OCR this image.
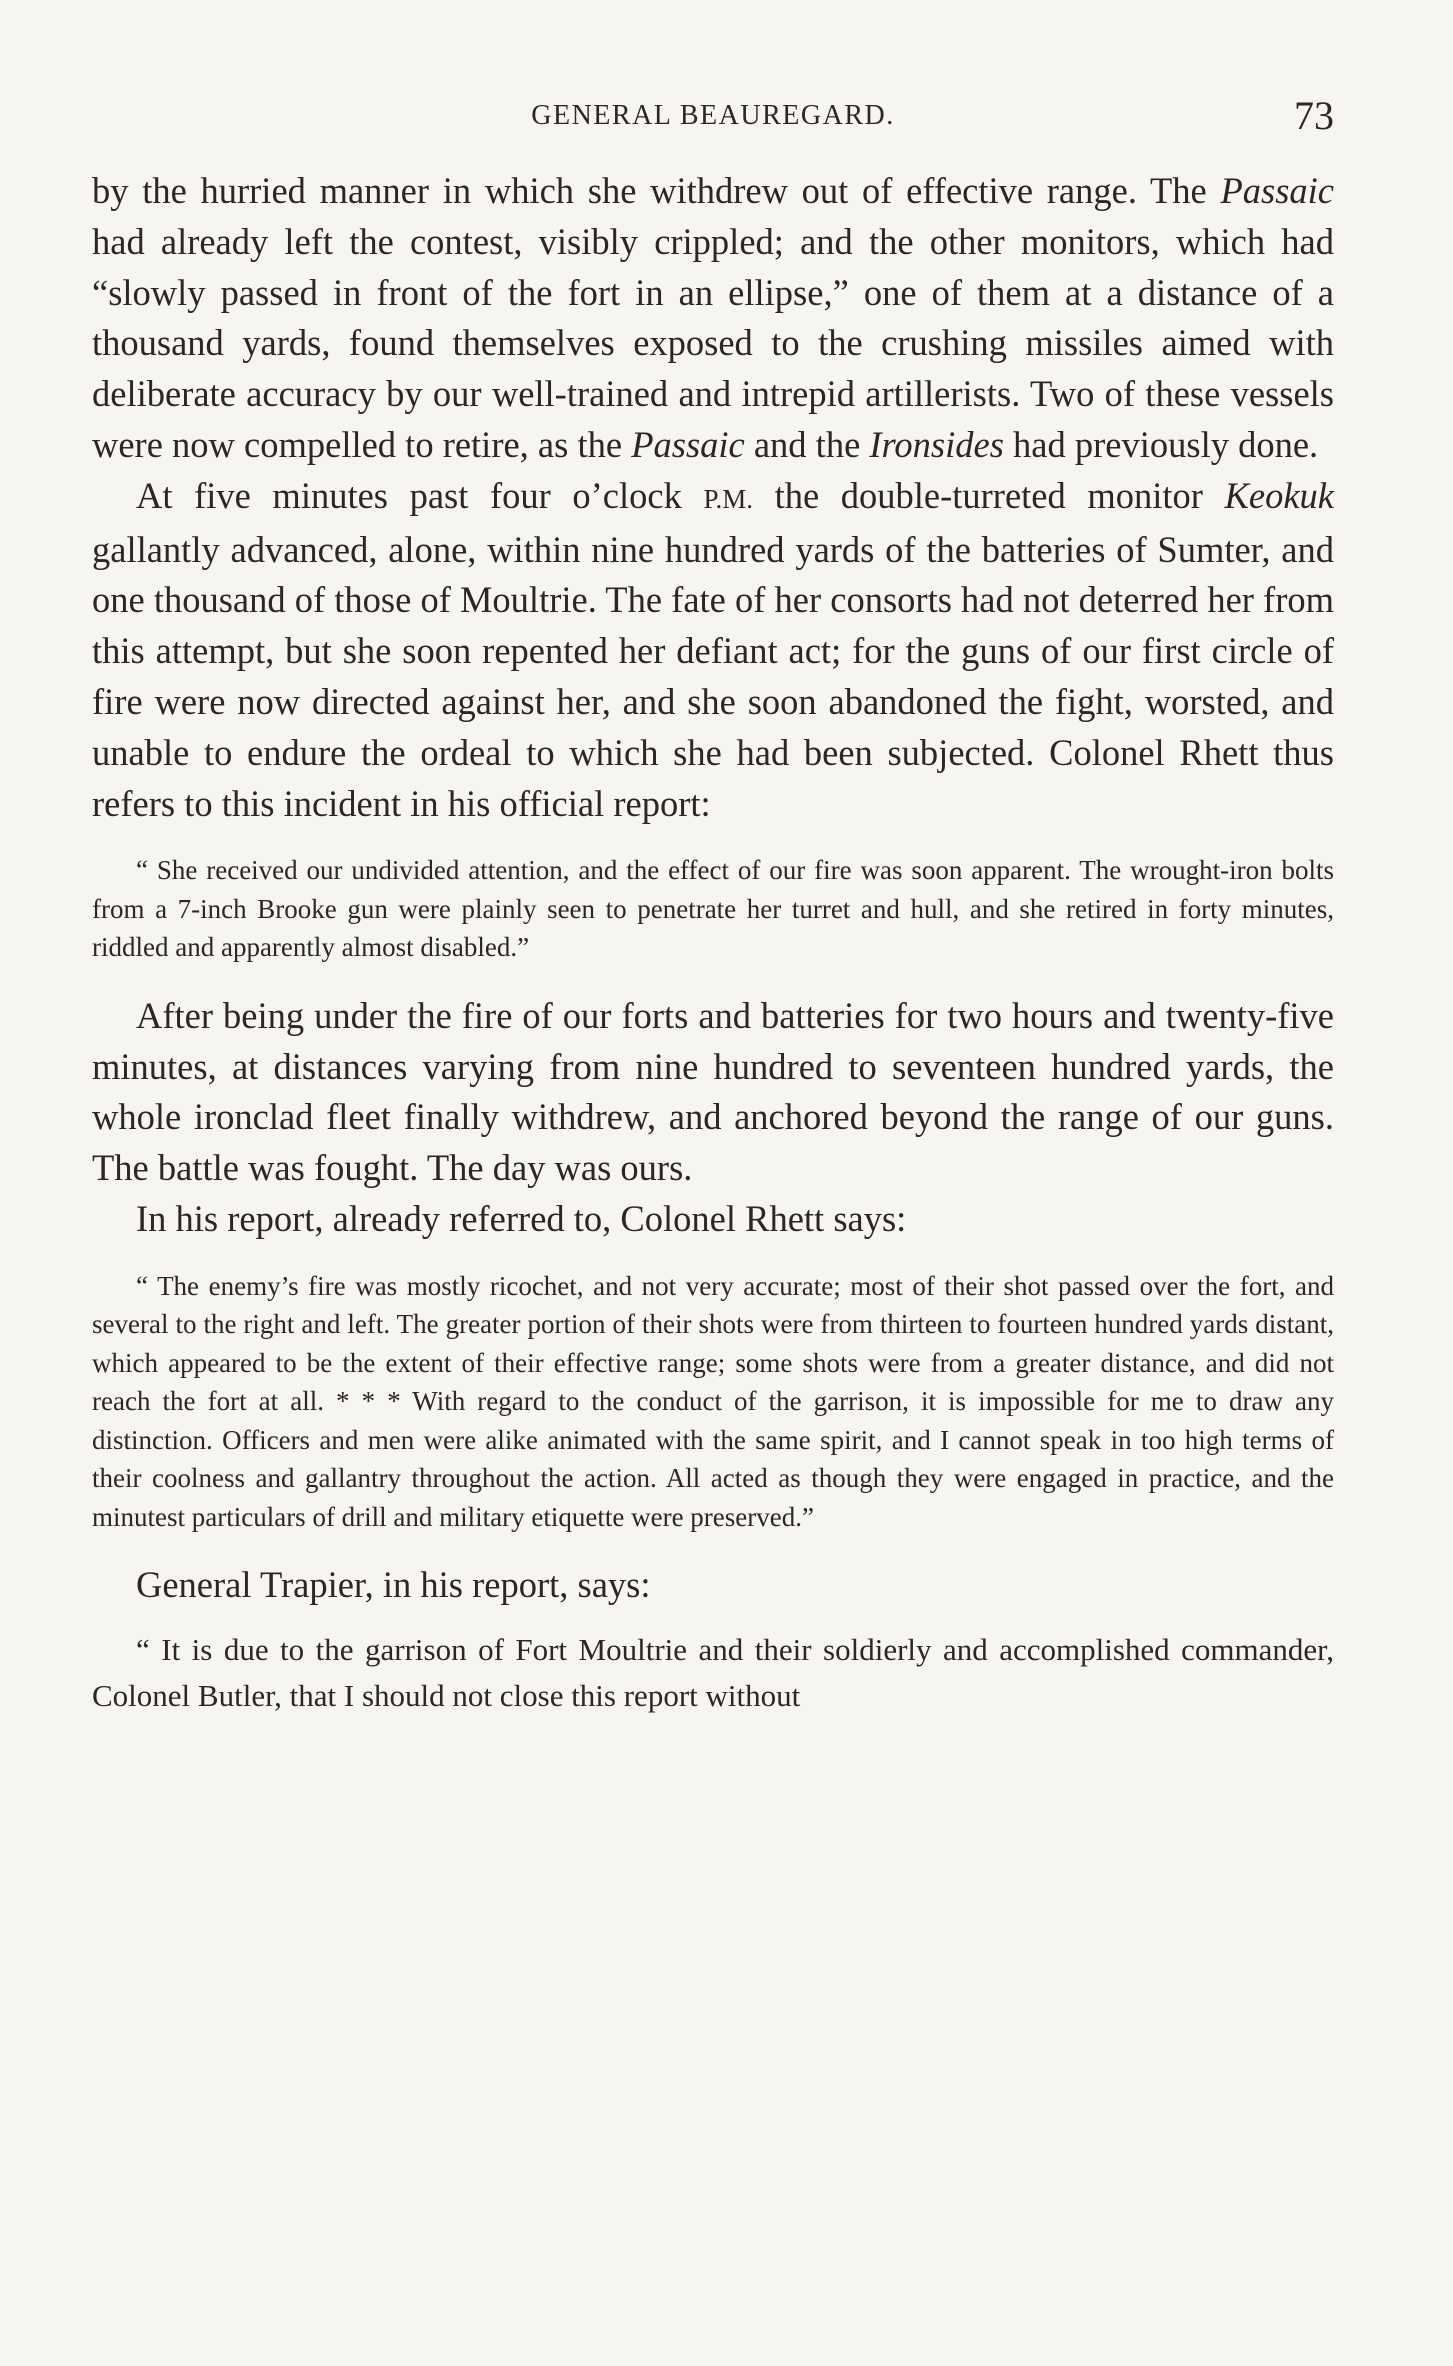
GENERAL BEAUREGARD.	73

by the hurried manner in which she withdrew out of effective range. The Passaic had already left the contest, visibly crippled; and the other monitors, which had “slowly passed in front of the fort in an ellipse,” one of them at a distance of a thousand yards, found themselves exposed to the crushing missiles aimed with deliberate accuracy by our well-trained and intrepid artillerists. Two of these vessels were now compelled to retire, as the Passaic and the Ironsides had previously done.

At five minutes past four o’clock P.M. the double-turreted monitor Keokuk gallantly advanced, alone, within nine hundred yards of the batteries of Sumter, and one thousand of those of Moultrie. The fate of her consorts had not deterred her from this attempt, but she soon repented her defiant act; for the guns of our first circle of fire were now directed against her, and she soon abandoned the fight, worsted, and unable to endure the ordeal to which she had been subjected. Colonel Rhett thus refers to this incident in his official report:

“ She received our undivided attention, and the effect of our fire was soon apparent. The wrought-iron bolts from a 7-inch Brooke gun were plainly seen to penetrate her turret and hull, and she retired in forty minutes, riddled and apparently almost disabled.”

After being under the fire of our forts and batteries for two hours and twenty-five minutes, at distances varying from nine hundred to seventeen hundred yards, the whole ironclad fleet finally withdrew, and anchored beyond the range of our guns. The battle was fought. The day was ours.

In his report, already referred to, Colonel Rhett says:

“ The enemy’s fire was mostly ricochet, and not very accurate; most of their shot passed over the fort, and several to the right and left. The greater portion of their shots were from thirteen to fourteen hundred yards distant, which appeared to be the extent of their effective range; some shots were from a greater distance, and did not reach the fort at all. * * * With regard to the conduct of the garrison, it is impossible for me to draw any distinction. Officers and men were alike animated with the same spirit, and I cannot speak in too high terms of their coolness and gallantry throughout the action. All acted as though they were engaged in practice, and the minutest particulars of drill and military etiquette were preserved.”

General Trapier, in his report, says:

“ It is due to the garrison of Fort Moultrie and their soldierly and accomplished commander, Colonel Butler, that I should not close this report without
